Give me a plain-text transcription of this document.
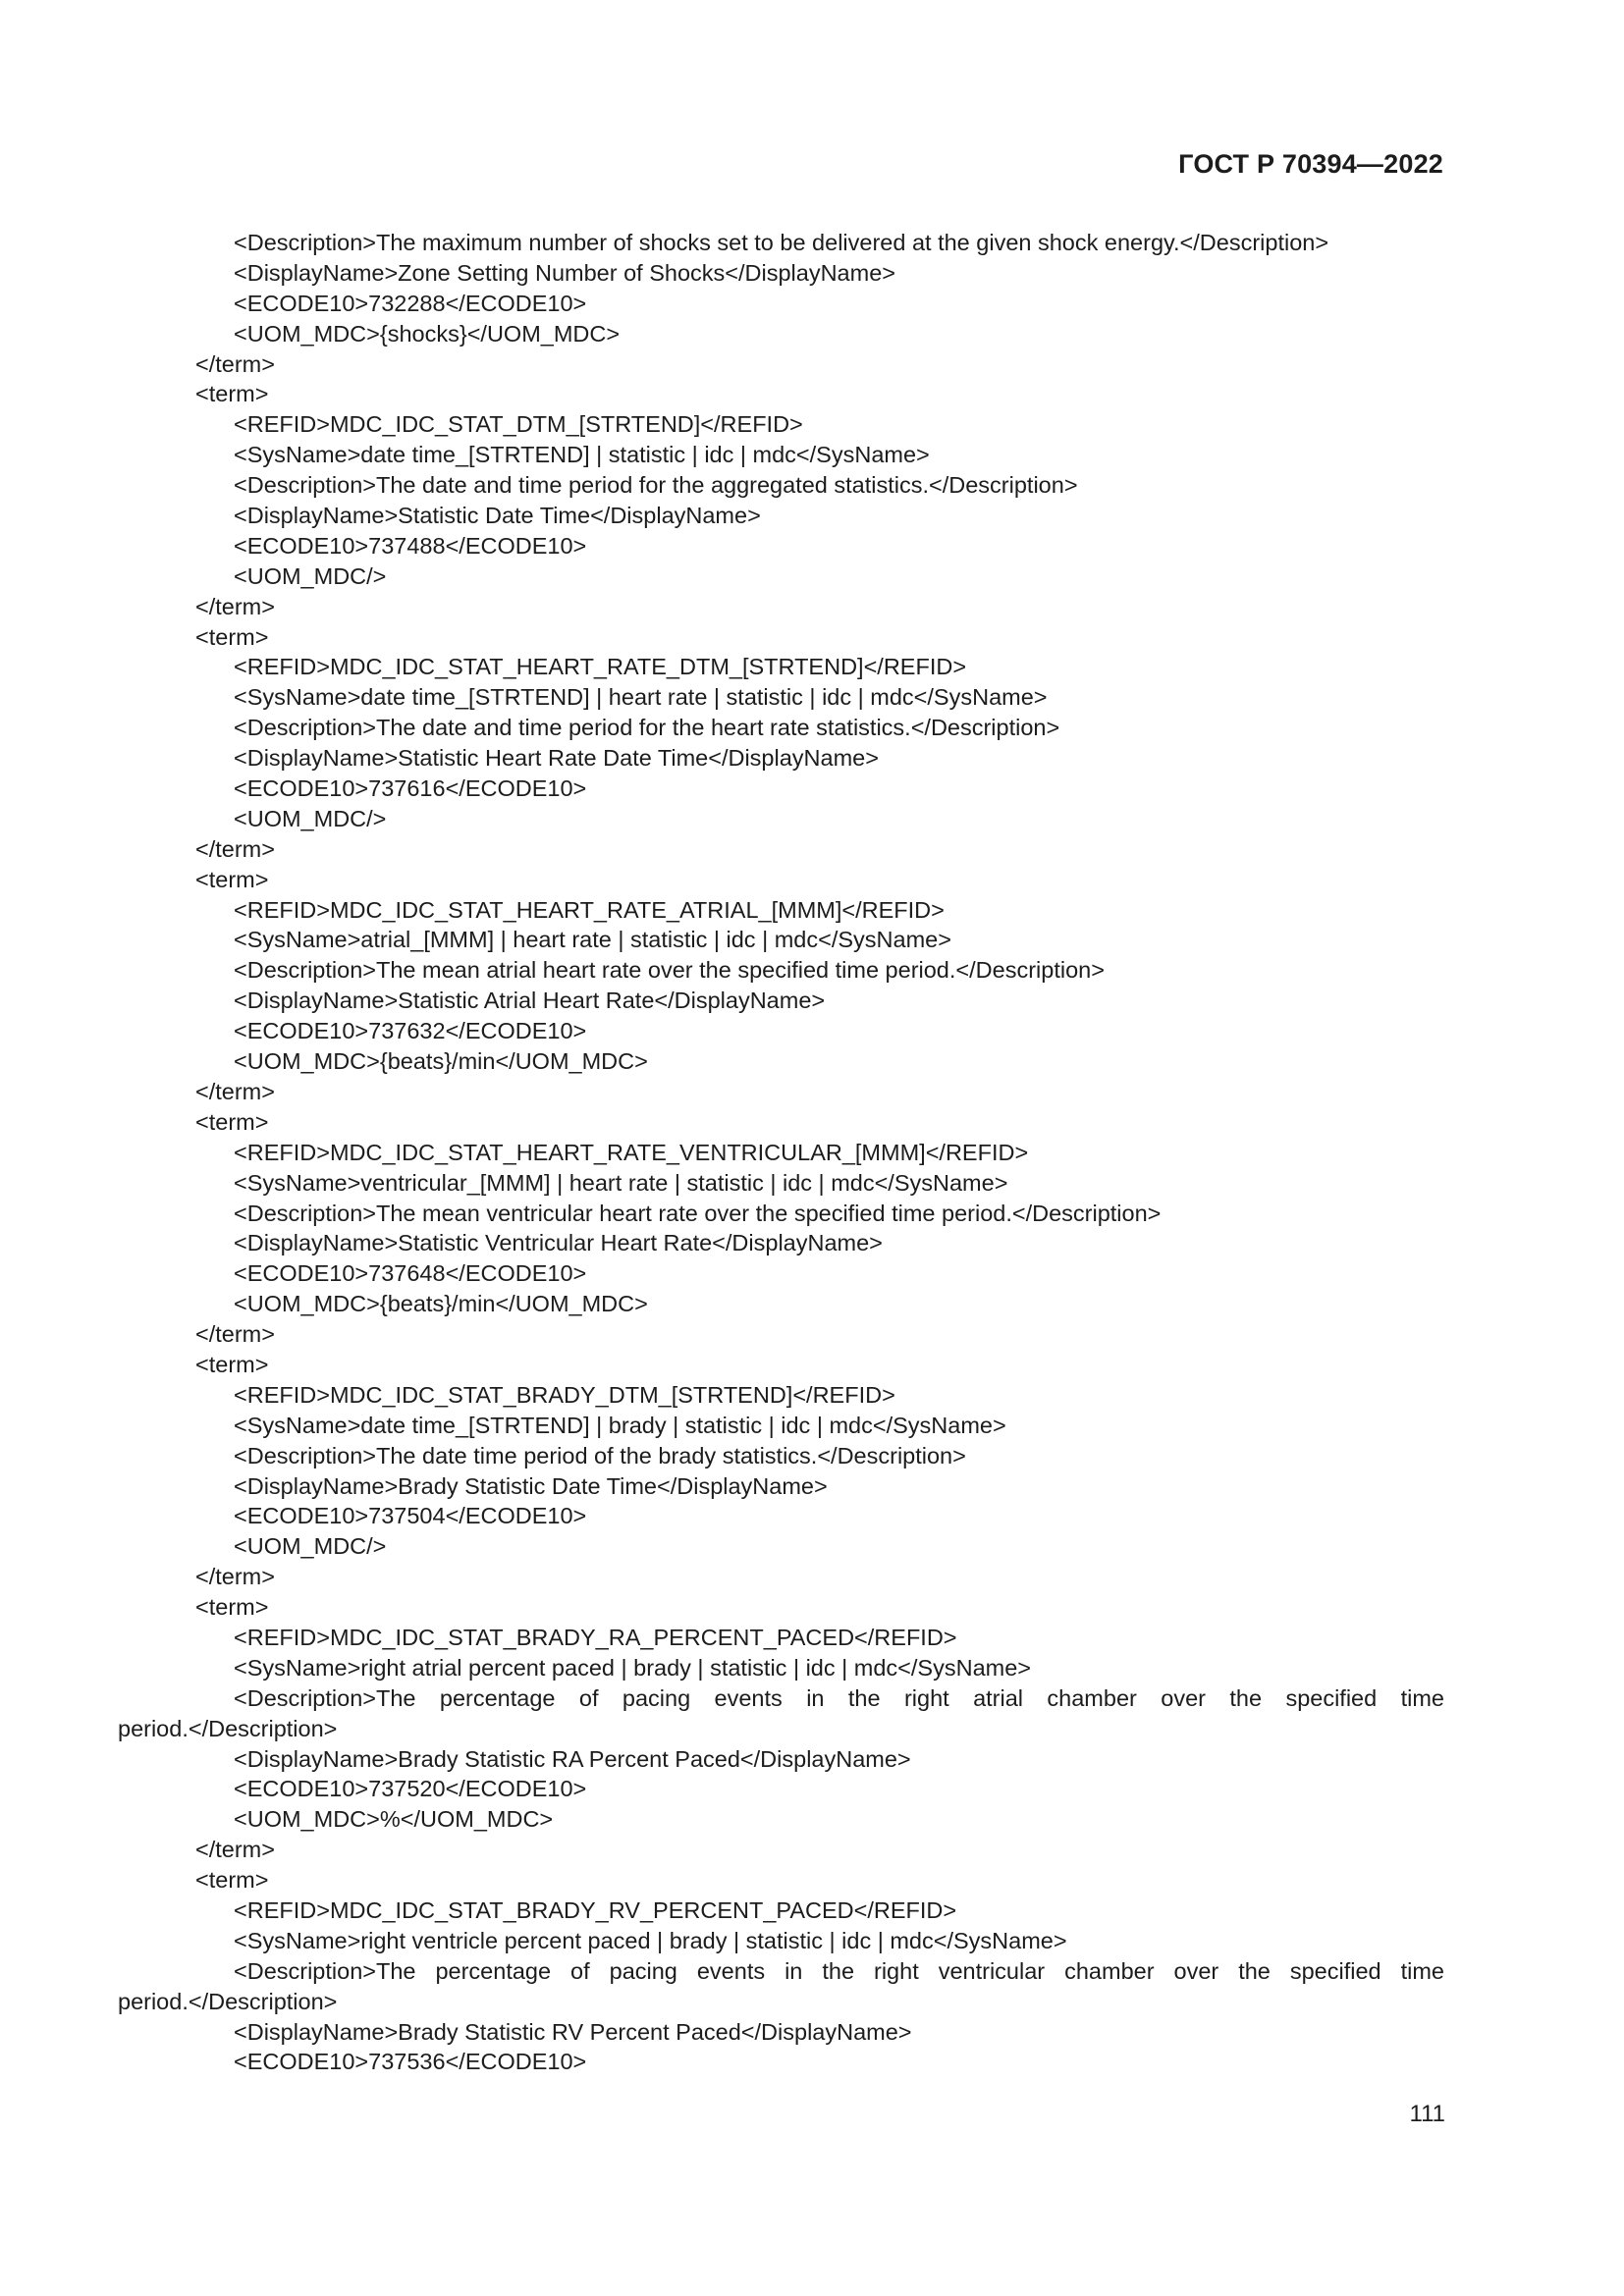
ГОСТ Р 70394—2022
<Description>The maximum number of shocks set to be delivered at the given shock energy.</Description>
<DisplayName>Zone Setting Number of Shocks</DisplayName>
<ECODE10>732288</ECODE10>
<UOM_MDC>{shocks}</UOM_MDC>
</term>
<term>
<REFID>MDC_IDC_STAT_DTM_[STRTEND]</REFID>
<SysName>date time_[STRTEND] | statistic | idc | mdc</SysName>
<Description>The date and time period for the aggregated statistics.</Description>
<DisplayName>Statistic Date Time</DisplayName>
<ECODE10>737488</ECODE10>
<UOM_MDC/>
</term>
<term>
<REFID>MDC_IDC_STAT_HEART_RATE_DTM_[STRTEND]</REFID>
<SysName>date time_[STRTEND] | heart rate | statistic | idc | mdc</SysName>
<Description>The date and time period for the heart rate statistics.</Description>
<DisplayName>Statistic Heart Rate Date Time</DisplayName>
<ECODE10>737616</ECODE10>
<UOM_MDC/>
</term>
<term>
<REFID>MDC_IDC_STAT_HEART_RATE_ATRIAL_[MMM]</REFID>
<SysName>atrial_[MMM] | heart rate | statistic | idc | mdc</SysName>
<Description>The mean atrial heart rate over the specified time period.</Description>
<DisplayName>Statistic Atrial Heart Rate</DisplayName>
<ECODE10>737632</ECODE10>
<UOM_MDC>{beats}/min</UOM_MDC>
</term>
<term>
<REFID>MDC_IDC_STAT_HEART_RATE_VENTRICULAR_[MMM]</REFID>
<SysName>ventricular_[MMM] | heart rate | statistic | idc | mdc</SysName>
<Description>The mean ventricular heart rate over the specified time period.</Description>
<DisplayName>Statistic Ventricular Heart Rate</DisplayName>
<ECODE10>737648</ECODE10>
<UOM_MDC>{beats}/min</UOM_MDC>
</term>
<term>
<REFID>MDC_IDC_STAT_BRADY_DTM_[STRTEND]</REFID>
<SysName>date time_[STRTEND] | brady | statistic | idc | mdc</SysName>
<Description>The date time period of the brady statistics.</Description>
<DisplayName>Brady Statistic Date Time</DisplayName>
<ECODE10>737504</ECODE10>
<UOM_MDC/>
</term>
<term>
<REFID>MDC_IDC_STAT_BRADY_RA_PERCENT_PACED</REFID>
<SysName>right atrial percent paced | brady | statistic | idc | mdc</SysName>
<Description>The percentage of pacing events in the right atrial chamber over the specified time
period.</Description>
<DisplayName>Brady Statistic RA Percent Paced</DisplayName>
<ECODE10>737520</ECODE10>
<UOM_MDC>%</UOM_MDC>
</term>
<term>
<REFID>MDC_IDC_STAT_BRADY_RV_PERCENT_PACED</REFID>
<SysName>right ventricle percent paced | brady | statistic | idc | mdc</SysName>
<Description>The percentage of pacing events in the right ventricular chamber over the specified time
period.</Description>
<DisplayName>Brady Statistic RV Percent Paced</DisplayName>
<ECODE10>737536</ECODE10>
111
